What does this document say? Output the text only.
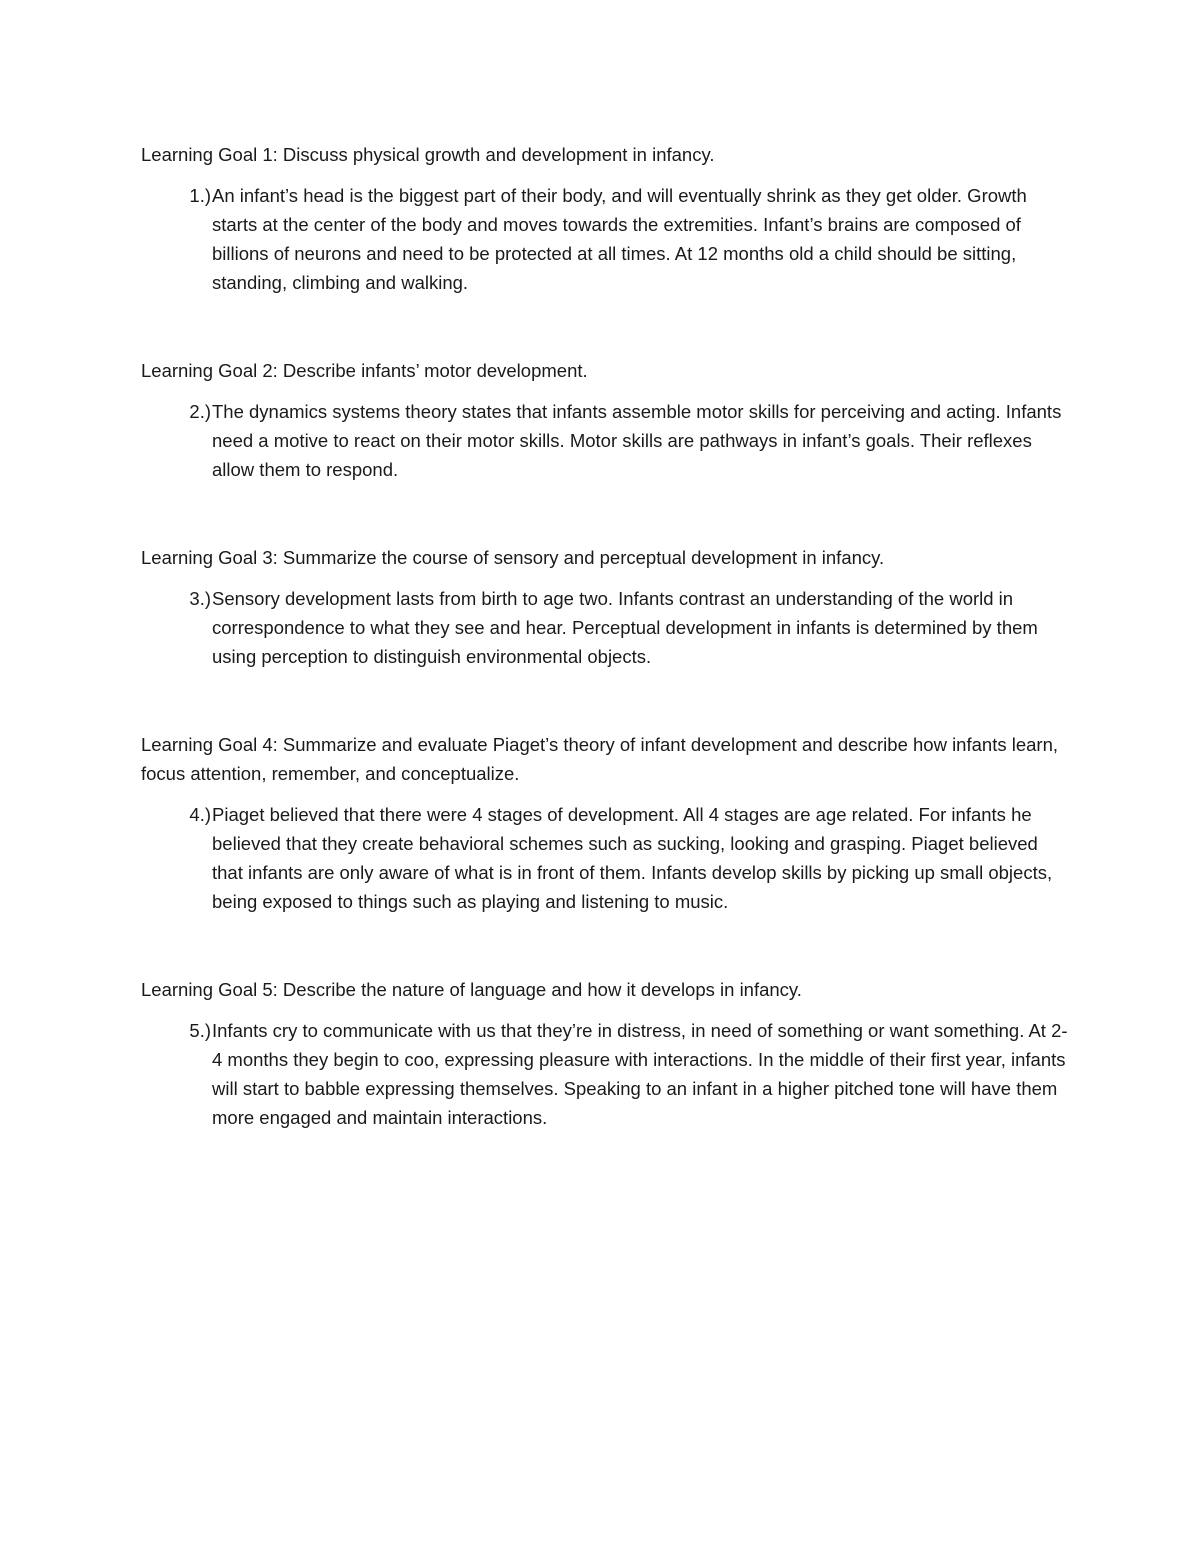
Learning Goal 1: Discuss physical growth and development in infancy.

1.) An infant’s head is the biggest part of their body, and will eventually shrink as they get older. Growth starts at the center of the body and moves towards the extremities. Infant’s brains are composed of billions of neurons and need to be protected at all times. At 12 months old a child should be sitting, standing, climbing and walking.

Learning Goal 2: Describe infants’ motor development.

2.) The dynamics systems theory states that infants assemble motor skills for perceiving and acting. Infants need a motive to react on their motor skills. Motor skills are pathways in infant’s goals. Their reflexes allow them to respond.

Learning Goal 3: Summarize the course of sensory and perceptual development in infancy.

3.) Sensory development lasts from birth to age two. Infants contrast an understanding of the world in correspondence to what they see and hear. Perceptual development in infants is determined by them using perception to distinguish environmental objects.

Learning Goal 4: Summarize and evaluate Piaget’s theory of infant development and describe how infants learn, focus attention, remember, and conceptualize.

4.) Piaget believed that there were 4 stages of development. All 4 stages are age related. For infants he believed that they create behavioral schemes such as sucking, looking and grasping. Piaget believed that infants are only aware of what is in front of them. Infants develop skills by picking up small objects, being exposed to things such as playing and listening to music.

Learning Goal 5: Describe the nature of language and how it develops in infancy.

5.) Infants cry to communicate with us that they’re in distress, in need of something or want something. At 2-4 months they begin to coo, expressing pleasure with interactions. In the middle of their first year, infants will start to babble expressing themselves. Speaking to an infant in a higher pitched tone will have them more engaged and maintain interactions.
